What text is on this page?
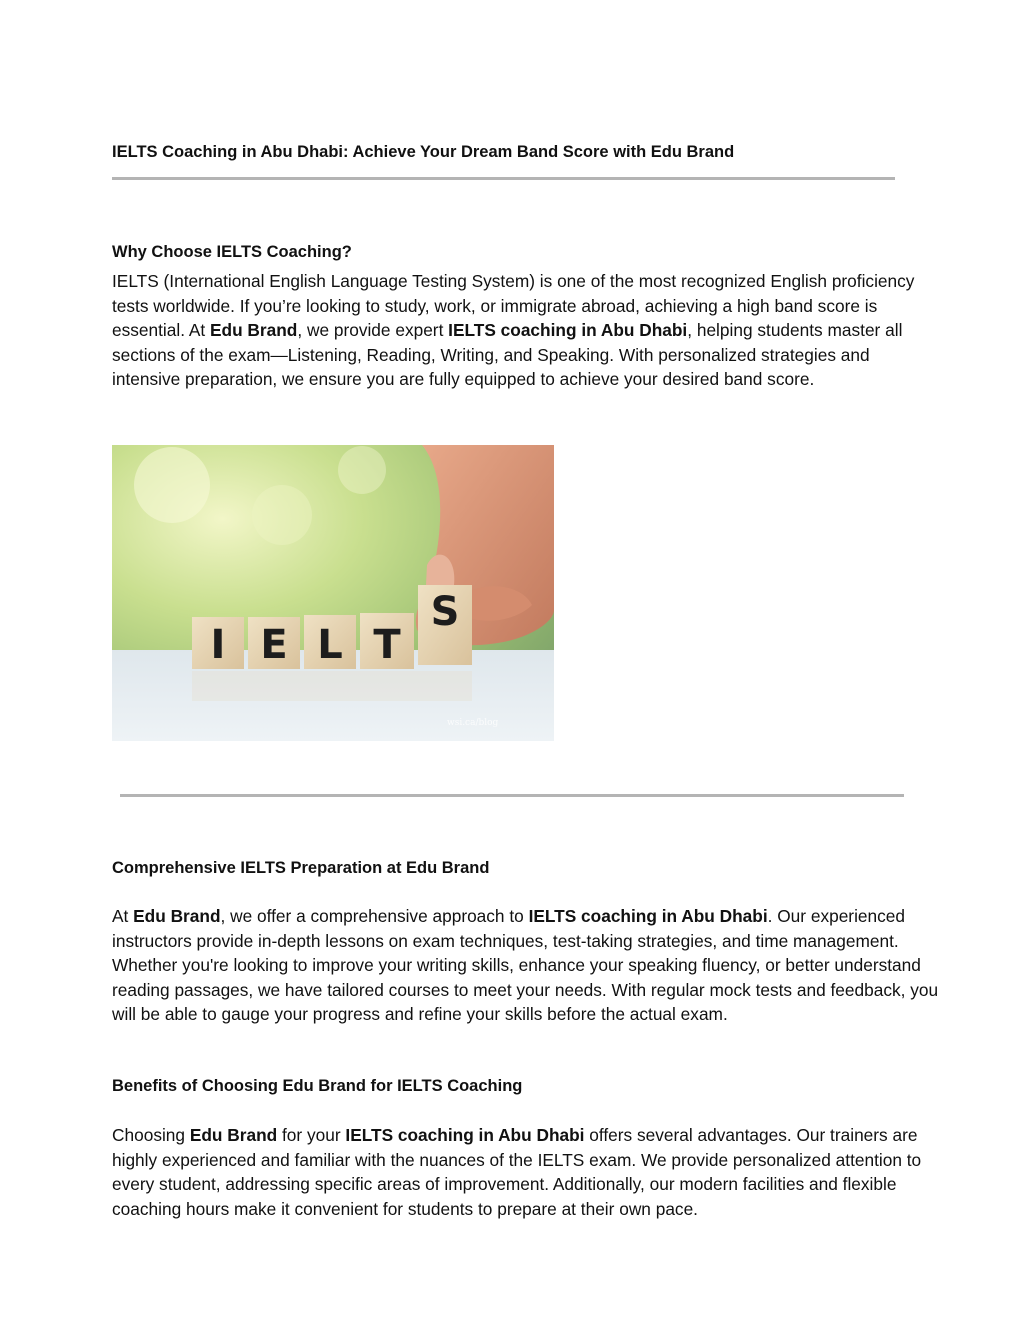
IELTS Coaching in Abu Dhabi: Achieve Your Dream Band Score with Edu Brand
Why Choose IELTS Coaching?
IELTS (International English Language Testing System) is one of the most recognized English proficiency tests worldwide. If you’re looking to study, work, or immigrate abroad, achieving a high band score is essential. At Edu Brand, we provide expert IELTS coaching in Abu Dhabi, helping students master all sections of the exam—Listening, Reading, Writing, and Speaking. With personalized strategies and intensive preparation, we ensure you are fully equipped to achieve your desired band score.
I E L T
S
wsi.ca/blog
Comprehensive IELTS Preparation at Edu Brand
At Edu Brand, we offer a comprehensive approach to IELTS coaching in Abu Dhabi. Our experienced instructors provide in-depth lessons on exam techniques, test-taking strategies, and time management. Whether you're looking to improve your writing skills, enhance your speaking fluency, or better understand reading passages, we have tailored courses to meet your needs. With regular mock tests and feedback, you will be able to gauge your progress and refine your skills before the actual exam.
Benefits of Choosing Edu Brand for IELTS Coaching
Choosing Edu Brand for your IELTS coaching in Abu Dhabi offers several advantages. Our trainers are highly experienced and familiar with the nuances of the IELTS exam. We provide personalized attention to every student, addressing specific areas of improvement. Additionally, our modern facilities and flexible coaching hours make it convenient for students to prepare at their own pace.
